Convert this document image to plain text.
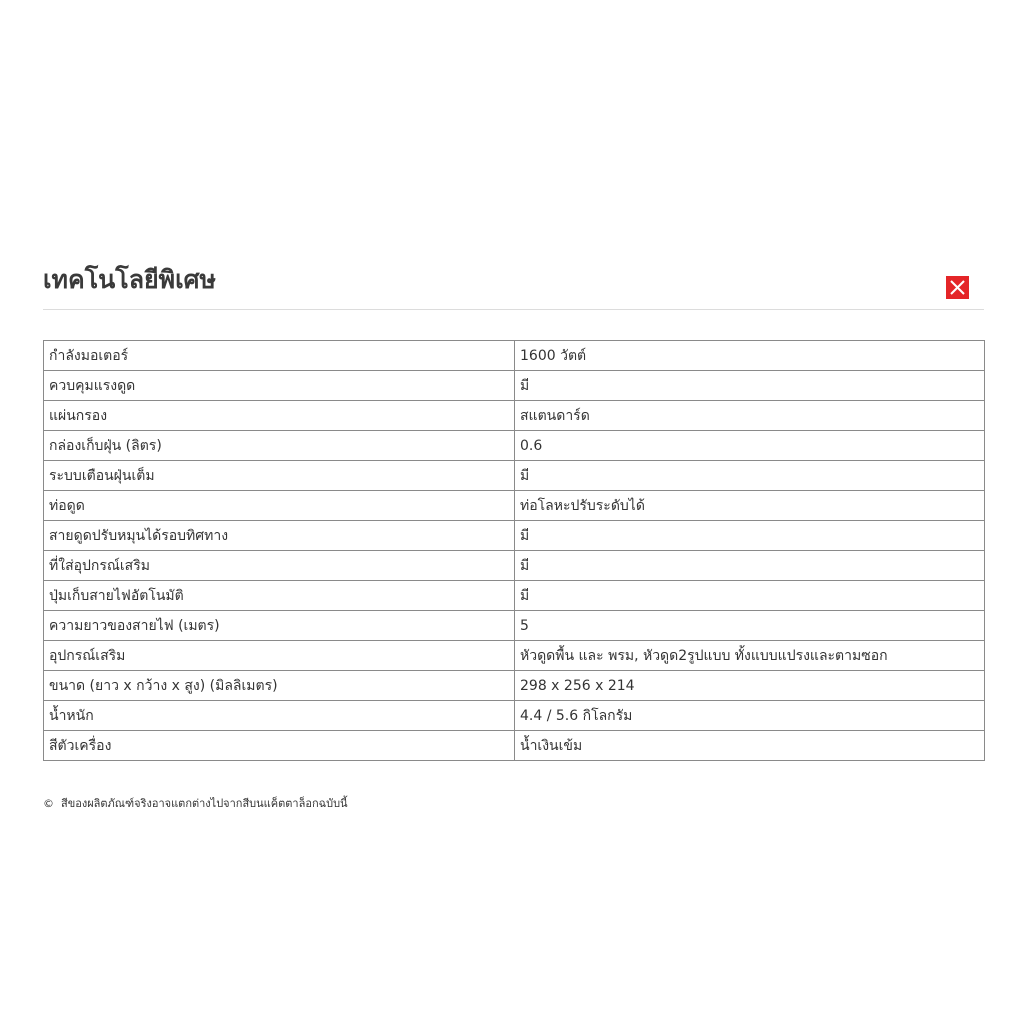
เทคโนโลยีพิเศษ
กำลังมอเตอร์	1600 วัตต์
ควบคุมแรงดูด	มี
แผ่นกรอง	สแตนดาร์ด
กล่องเก็บฝุ่น (ลิตร)	0.6
ระบบเตือนฝุ่นเต็ม	มี
ท่อดูด	ท่อโลหะปรับระดับได้
สายดูดปรับหมุนได้รอบทิศทาง	มี
ที่ใส่อุปกรณ์เสริม	มี
ปุ่มเก็บสายไฟอัตโนมัติ	มี
ความยาวของสายไฟ (เมตร)	5
อุปกรณ์เสริม	หัวดูดพื้น และ พรม, หัวดูด2รูปแบบ ทั้งแบบแปรงและตามซอก
ขนาด (ยาว x กว้าง x สูง) (มิลลิเมตร)	298 x 256 x 214
น้ำหนัก	4.4 / 5.6 กิโลกรัม
สีตัวเครื่อง	น้ำเงินเข้ม
© สีของผลิตภัณฑ์จริงอาจแตกต่างไปจากสีบนแค็ตตาล็อกฉบับนี้
